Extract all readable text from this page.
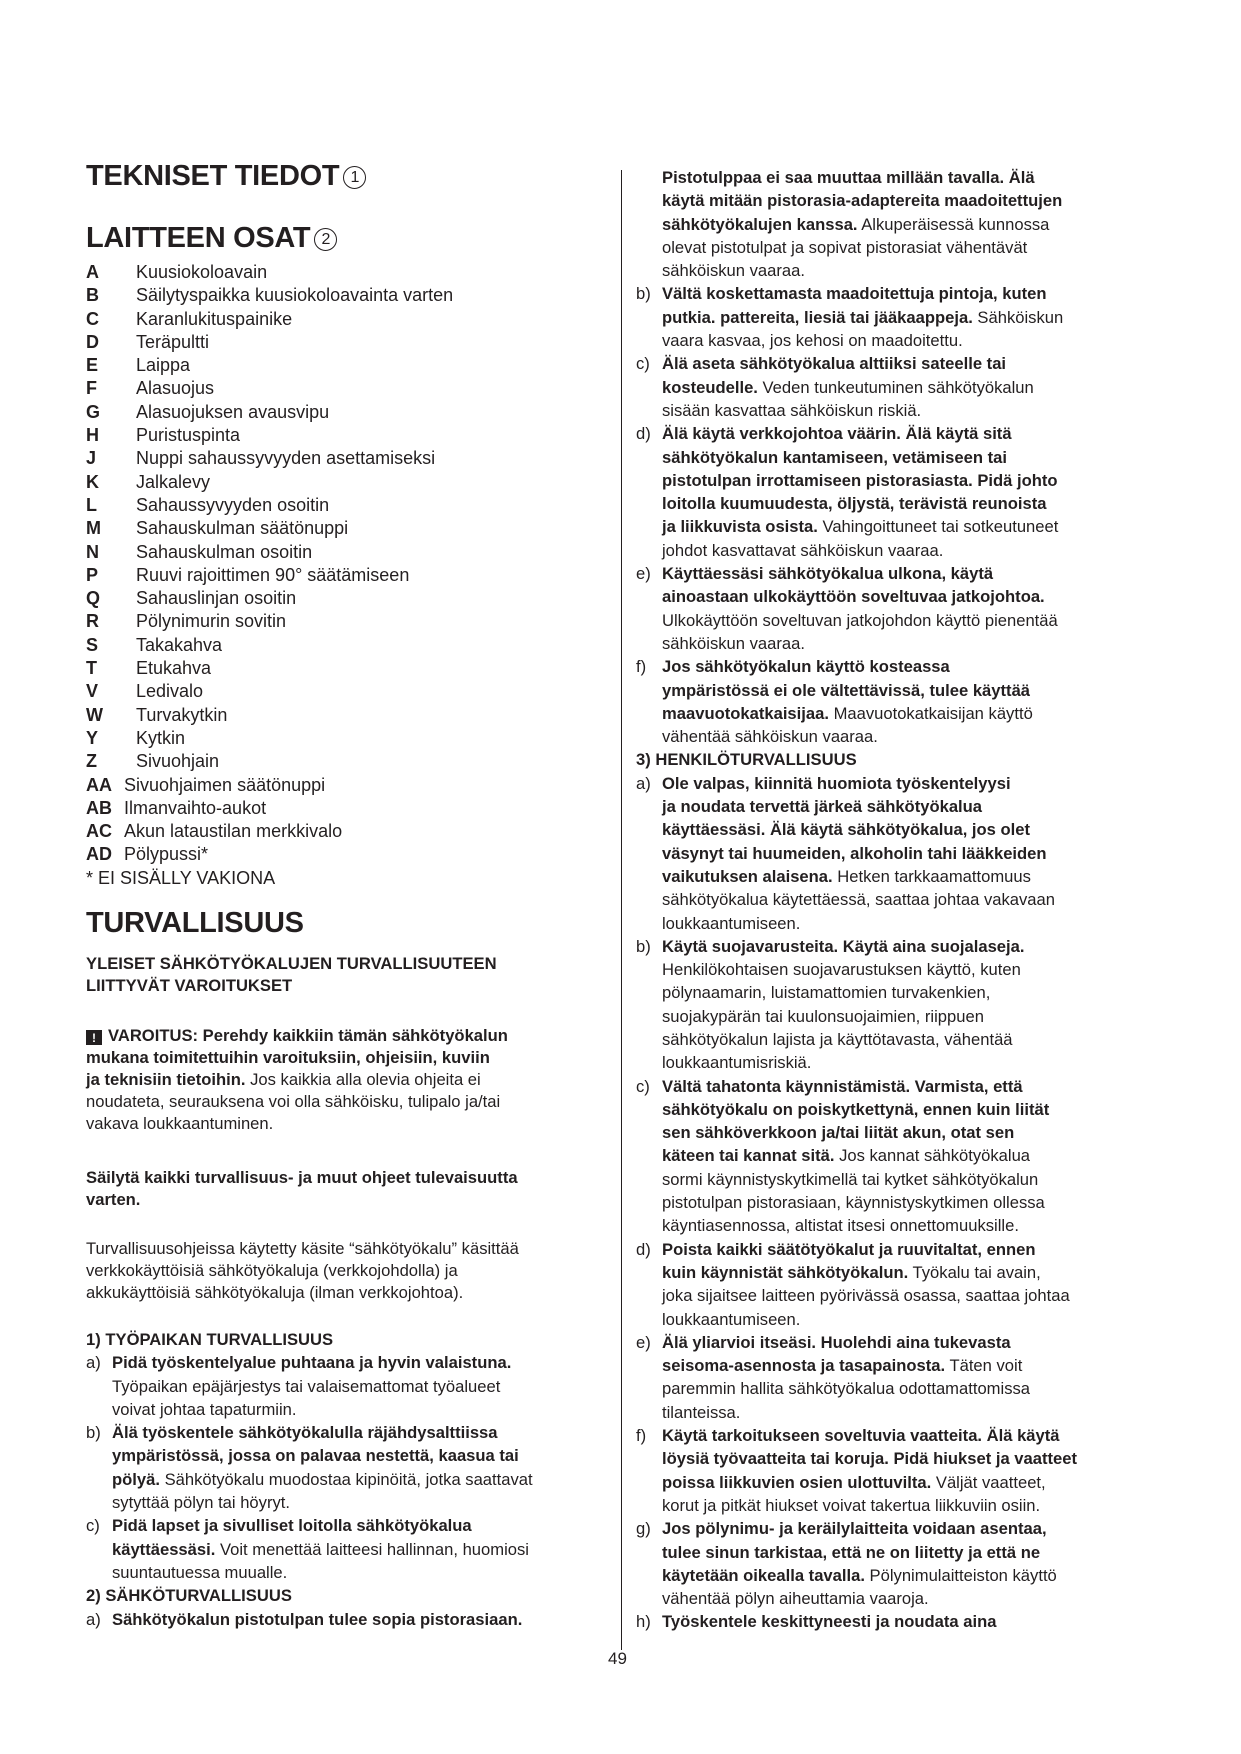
TEKNISET TIEDOT 1
LAITTEEN OSAT 2
A	Kuusiokoloavain
B	Säilytyspaikka kuusiokoloavainta varten
C	Karanlukituspainike
D	Teräpultti
E	Laippa
F	Alasuojus
G	Alasuojuksen avausvipu
H	Puristuspinta
J	Nuppi sahaussyvyyden asettamiseksi
K	Jalkalevy
L	Sahaussyvyyden osoitin
M	Sahauskulman säätönuppi
N	Sahauskulman osoitin
P	Ruuvi rajoittimen 90° säätämiseen
Q	Sahauslinjan osoitin
R	Pölynimurin sovitin
S	Takakahva
T	Etukahva
V	Ledivalo
W	Turvakytkin
Y	Kytkin
Z	Sivuohjain
AA Sivuohjaimen säätönuppi
AB Ilmanvaihto-aukot
AC Akun lataustilan merkkivalo
AD Pölypussi*
* EI SISÄLLY VAKIONA
TURVALLISUUS
YLEISET SÄHKÖTYÖKALUJEN TURVALLISUUTEEN
LIITTYVÄT VAROITUKSET

! VAROITUS: Perehdy kaikkiin tämän sähkötyökalun
mukana toimitettuihin varoituksiin, ohjeisiin, kuviin
ja teknisiin tietoihin. Jos kaikkia alla olevia ohjeita ei
noudateta, seurauksena voi olla sähköisku, tulipalo ja/tai
vakava loukkaantuminen.

Säilytä kaikki turvallisuus- ja muut ohjeet tulevaisuutta
varten.

Turvallisuusohjeissa käytetty käsite “sähkötyökalu” käsittää
verkkokäyttöisiä sähkötyökaluja (verkkojohdolla) ja
akkukäyttöisiä sähkötyökaluja (ilman verkkojohtoa).

1) TYÖPAIKAN TURVALLISUUS
a) Pidä työskentelyalue puhtaana ja hyvin valaistuna.
Työpaikan epäjärjestys tai valaisemattomat työalueet
voivat johtaa tapaturmiin.
b) Älä työskentele sähkötyökalulla räjähdysalttiissa
ympäristössä, jossa on palavaa nestettä, kaasua tai
pölyä. Sähkötyökalu muodostaa kipinöitä, jotka saattavat
sytyttää pölyn tai höyryt.
c) Pidä lapset ja sivulliset loitolla sähkötyökalua
käyttäessäsi. Voit menettää laitteesi hallinnan, huomiosi
suuntautuessa muualle.
2) SÄHKÖTURVALLISUUS
a) Sähkötyökalun pistotulpan tulee sopia pistorasiaan.
Pistotulppaa ei saa muuttaa millään tavalla. Älä
käytä mitään pistorasia-adaptereita maadoitettujen
sähkötyökalujen kanssa. Alkuperäisessä kunnossa
olevat pistotulpat ja sopivat pistorasiat vähentävät
sähköiskun vaaraa.
b) Vältä koskettamasta maadoitettuja pintoja, kuten
putkia. pattereita, liesiä tai jääkaappeja. Sähköiskun
vaara kasvaa, jos kehosi on maadoitettu.
c) Älä aseta sähkötyökalua alttiiksi sateelle tai
kosteudelle. Veden tunkeutuminen sähkötyökalun
sisään kasvattaa sähköiskun riskiä.
d) Älä käytä verkkojohtoa väärin. Älä käytä sitä
sähkötyökalun kantamiseen, vetämiseen tai
pistotulpan irrottamiseen pistorasiasta. Pidä johto
loitolla kuumuudesta, öljystä, terävistä reunoista
ja liikkuvista osista. Vahingoittuneet tai sotkeutuneet
johdot kasvattavat sähköiskun vaaraa.
e) Käyttäessäsi sähkötyökalua ulkona, käytä
ainoastaan ulkokäyttöön soveltuvaa jatkojohtoa.
Ulkokäyttöön soveltuvan jatkojohdon käyttö pienentää
sähköiskun vaaraa.
f) Jos sähkötyökalun käyttö kosteassa
ympäristössä ei ole vältettävissä, tulee käyttää
maavuotokatkaisijaa. Maavuotokatkaisijan käyttö
vähentää sähköiskun vaaraa.
3) HENKILÖTURVALLISUUS
a) Ole valpas, kiinnitä huomiota työskentelyysi
ja noudata tervettä järkeä sähkötyökalua
käyttäessäsi. Älä käytä sähkötyökalua, jos olet
väsynyt tai huumeiden, alkoholin tahi lääkkeiden
vaikutuksen alaisena. Hetken tarkkaamattomuus
sähkötyökalua käytettäessä, saattaa johtaa vakavaan
loukkaantumiseen.
b) Käytä suojavarusteita. Käytä aina suojalaseja.
Henkilökohtaisen suojavarustuksen käyttö, kuten
pölynaamarin, luistamattomien turvakenkien,
suojakypärän tai kuulonsuojaimien, riippuen
sähkötyökalun lajista ja käyttötavasta, vähentää
loukkaantumisriskiä.
c) Vältä tahatonta käynnistämistä. Varmista, että
sähkötyökalu on poiskytkettynä, ennen kuin liität
sen sähköverkkoon ja/tai liität akun, otat sen
käteen tai kannat sitä. Jos kannat sähkötyökalua
sormi käynnistyskytkimellä tai kytket sähkötyökalun
pistotulpan pistorasiaan, käynnistyskytkimen ollessa
käyntiasennossa, altistat itsesi onnettomuuksille.
d) Poista kaikki säätötyökalut ja ruuvitaltat, ennen
kuin käynnistät sähkötyökalun. Työkalu tai avain,
joka sijaitsee laitteen pyörivässä osassa, saattaa johtaa
loukkaantumiseen.
e) Älä yliarvioi itseäsi. Huolehdi aina tukevasta
seisoma-asennosta ja tasapainosta. Täten voit
paremmin hallita sähkötyökalua odottamattomissa
tilanteissa.
f) Käytä tarkoitukseen soveltuvia vaatteita. Älä käytä
löysiä työvaatteita tai koruja. Pidä hiukset ja vaatteet
poissa liikkuvien osien ulottuvilta. Väljät vaatteet,
korut ja pitkät hiukset voivat takertua liikkuviin osiin.
g) Jos pölynimu- ja keräilylaitteita voidaan asentaa,
tulee sinun tarkistaa, että ne on liitetty ja että ne
käytetään oikealla tavalla. Pölynimulaitteiston käyttö
vähentää pölyn aiheuttamia vaaroja.
h) Työskentele keskittyneesti ja noudata aina
49
